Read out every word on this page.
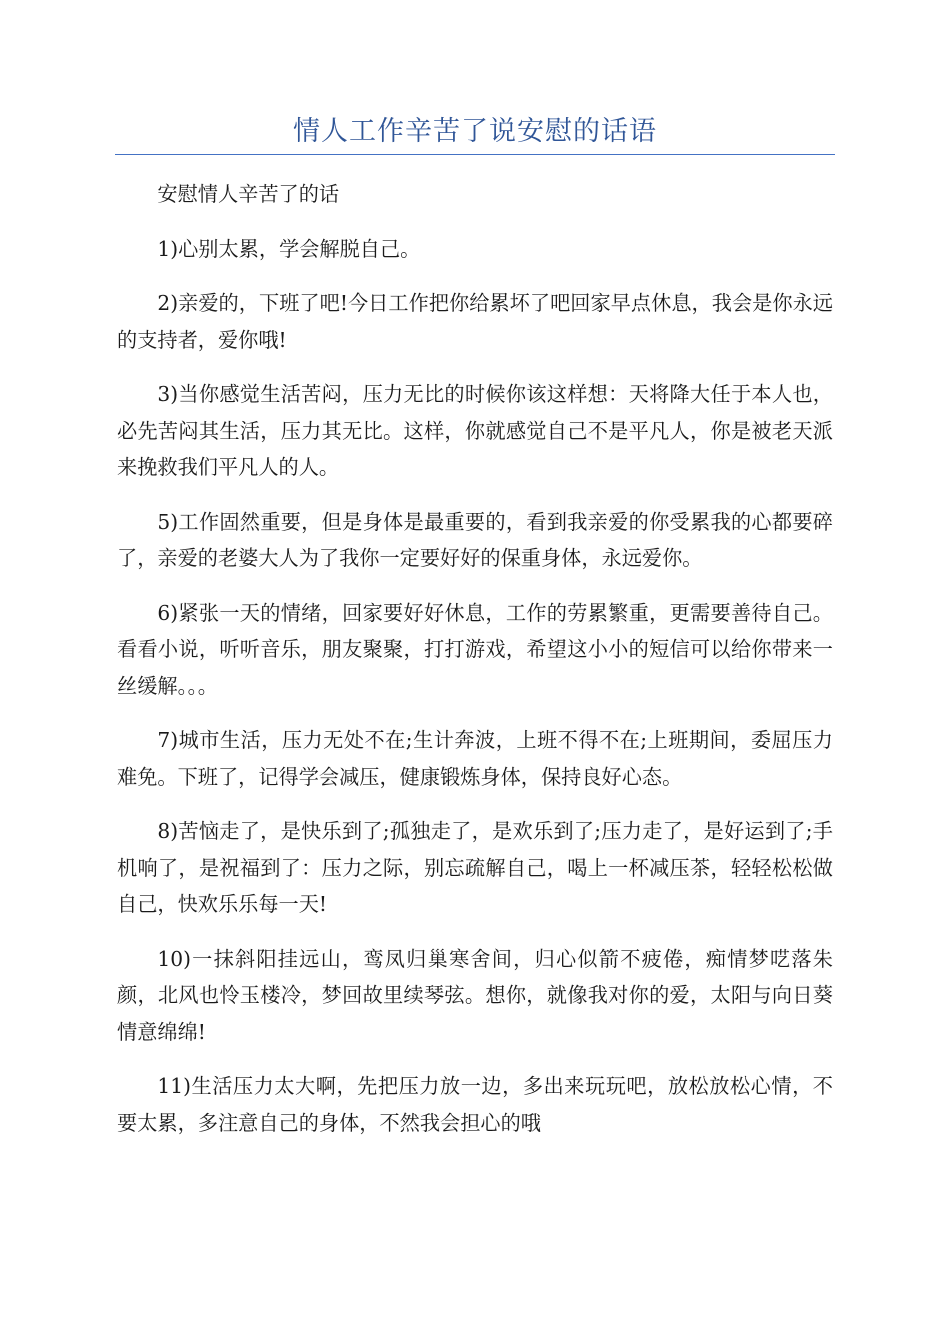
情人工作辛苦了说安慰的话语

安慰情人辛苦了的话

1)心别太累，学会解脱自己。

2)亲爱的，下班了吧!今日工作把你给累坏了吧回家早点休息，我会是你永远的支持者，爱你哦!

3)当你感觉生活苦闷，压力无比的时候你该这样想：天将降大任于本人也，必先苦闷其生活，压力其无比。这样，你就感觉自己不是平凡人，你是被老天派来挽救我们平凡人的人。

5)工作固然重要，但是身体是最重要的，看到我亲爱的你受累我的心都要碎了，亲爱的老婆大人为了我你一定要好好的保重身体，永远爱你。

6)紧张一天的情绪，回家要好好休息，工作的劳累繁重，更需要善待自己。看看小说，听听音乐，朋友聚聚，打打游戏，希望这小小的短信可以给你带来一丝缓解。。。

7)城市生活，压力无处不在;生计奔波，上班不得不在;上班期间，委屈压力难免。下班了，记得学会减压，健康锻炼身体，保持良好心态。

8)苦恼走了，是快乐到了;孤独走了，是欢乐到了;压力走了，是好运到了;手机响了，是祝福到了：压力之际，别忘疏解自己，喝上一杯减压茶，轻轻松松做自己，快欢乐乐每一天!

10)一抹斜阳挂远山，鸾凤归巢寒舍间，归心似箭不疲倦，痴情梦呓落朱颜，北风也怜玉楼冷，梦回故里续琴弦。想你，就像我对你的爱，太阳与向日葵情意绵绵!

11)生活压力太大啊，先把压力放一边，多出来玩玩吧，放松放松心情，不要太累，多注意自己的身体，不然我会担心的哦
